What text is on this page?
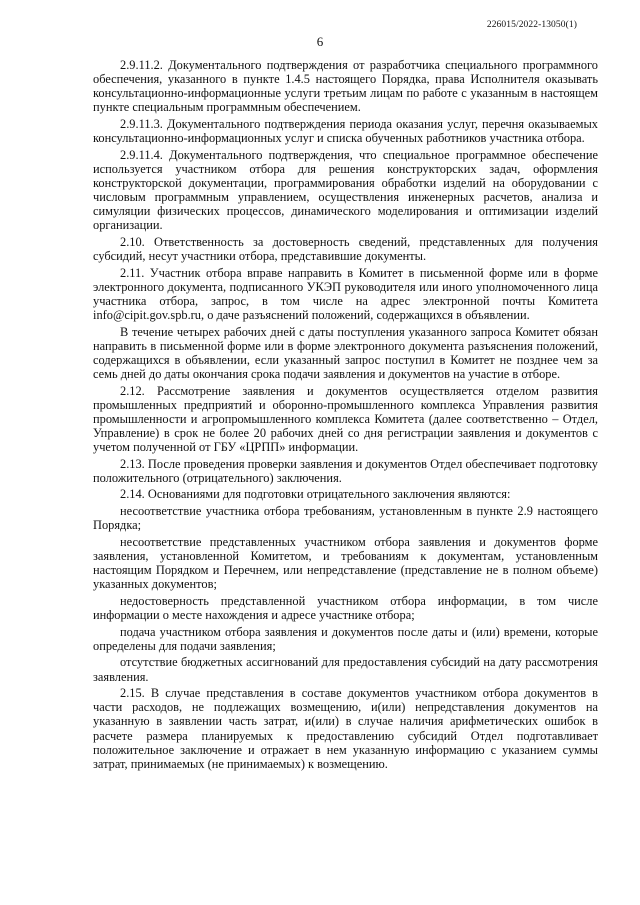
226015/2022-13050(1)
6

2.9.11.2. Документального подтверждения от разработчика специального программного обеспечения, указанного в пункте 1.4.5 настоящего Порядка, права Исполнителя оказывать консультационно-информационные услуги третьим лицам по работе с указанным в настоящем пункте специальным программным обеспечением.

2.9.11.3. Документального подтверждения периода оказания услуг, перечня оказываемых консультационно-информационных услуг и списка обученных работников участника отбора.

2.9.11.4. Документального подтверждения, что специальное программное обеспечение используется участником отбора для решения конструкторских задач, оформления конструкторской документации, программирования обработки изделий на оборудовании с числовым программным управлением, осуществления инженерных расчетов, анализа и симуляции физических процессов, динамического моделирования и оптимизации изделий организации.

2.10. Ответственность за достоверность сведений, представленных для получения субсидий, несут участники отбора, представившие документы.

2.11. Участник отбора вправе направить в Комитет в письменной форме или в форме электронного документа, подписанного УКЭП руководителя или иного уполномоченного лица участника отбора, запрос, в том числе на адрес электронной почты Комитета info@cipit.gov.spb.ru, о даче разъяснений положений, содержащихся в объявлении.

В течение четырех рабочих дней с даты поступления указанного запроса Комитет обязан направить в письменной форме или в форме электронного документа разъяснения положений, содержащихся в объявлении, если указанный запрос поступил в Комитет не позднее чем за семь дней до даты окончания срока подачи заявления и документов на участие в отборе.

2.12. Рассмотрение заявления и документов осуществляется отделом развития промышленных предприятий и оборонно-промышленного комплекса Управления развития промышленности и агропромышленного комплекса Комитета (далее соответственно – Отдел, Управление) в срок не более 20 рабочих дней со дня регистрации заявления и документов с учетом полученной от ГБУ «ЦРПП» информации.

2.13. После проведения проверки заявления и документов Отдел обеспечивает подготовку положительного (отрицательного) заключения.

2.14. Основаниями для подготовки отрицательного заключения являются:

несоответствие участника отбора требованиям, установленным в пункте 2.9 настоящего Порядка;

несоответствие представленных участником отбора заявления и документов форме заявления, установленной Комитетом, и требованиям к документам, установленным настоящим Порядком и Перечнем, или непредставление (представление не в полном объеме) указанных документов;

недостоверность представленной участником отбора информации, в том числе информации о месте нахождения и адресе участнике отбора;

подача участником отбора заявления и документов после даты и (или) времени, которые определены для подачи заявления;

отсутствие бюджетных ассигнований для предоставления субсидий на дату рассмотрения заявления.

2.15. В случае представления в составе документов участником отбора документов в части расходов, не подлежащих возмещению, и(или) непредставления документов на указанную в заявлении часть затрат, и(или) в случае наличия арифметических ошибок в расчете размера планируемых к предоставлению субсидий Отдел подготавливает положительное заключение и отражает в нем указанную информацию с указанием суммы затрат, принимаемых (не принимаемых) к возмещению.
